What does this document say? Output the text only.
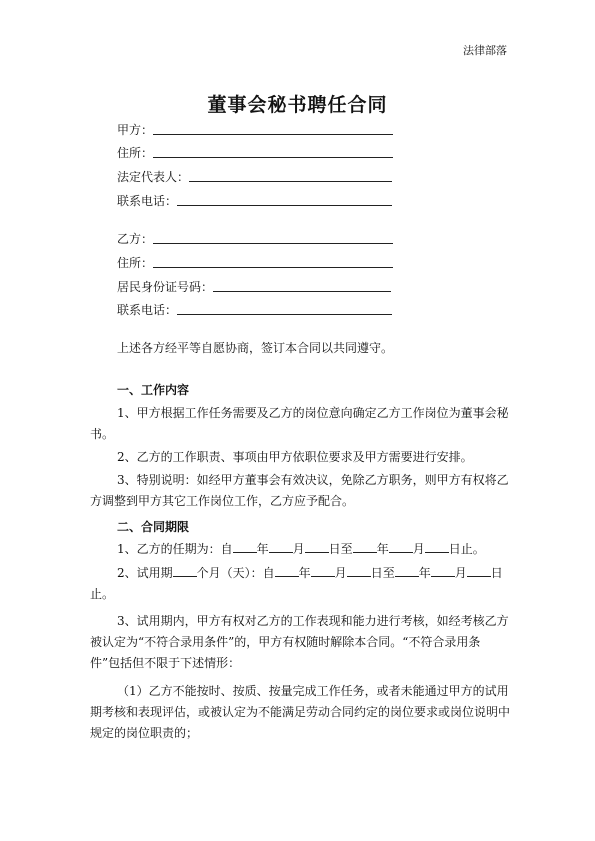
法律部落
董事会秘书聘任合同
甲方：
住所：
法定代表人：
联系电话：
乙方：
住所：
居民身份证号码：
联系电话：
上述各方经平等自愿协商，签订本合同以共同遵守。
一、工作内容
1、甲方根据工作任务需要及乙方的岗位意向确定乙方工作岗位为董事会秘书。
2、乙方的工作职责、事项由甲方依职位要求及甲方需要进行安排。
3、特别说明：如经甲方董事会有效决议，免除乙方职务，则甲方有权将乙方调整到甲方其它工作岗位工作，乙方应予配合。
二、合同期限
1、乙方的任期为：自 年 月 日至 年 月 日止。
2、试用期 个月（天）：自 年 月 日至 年 月 日止。
3、试用期内，甲方有权对乙方的工作表现和能力进行考核，如经考核乙方被认定为“不符合录用条件”的，甲方有权随时解除本合同。“不符合录用条件”包括但不限于下述情形：
（1）乙方不能按时、按质、按量完成工作任务，或者未能通过甲方的试用期考核和表现评估，或被认定为不能满足劳动合同约定的岗位要求或岗位说明中规定的岗位职责的；
